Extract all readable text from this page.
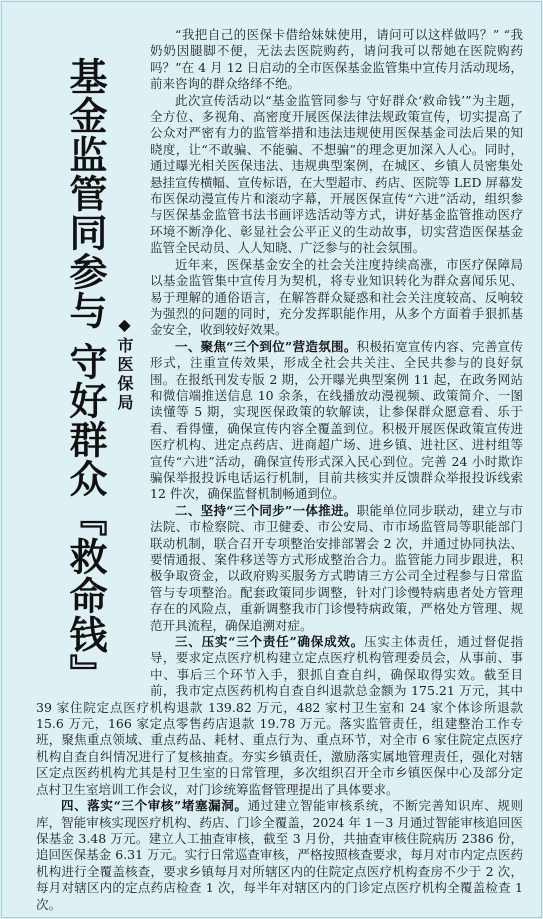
基金监管同参与守好群众『救命钱』
◆市医保局

“我把自己的医保卡借给妹妹使用，请问可以这样做吗？” “我奶奶因腿脚不便，无法去医院购药，请问我可以帮她在医院购药吗？”在 4 月 12 日启动的全市医保基金监管集中宣传月活动现场，前来咨询的群众络绎不绝。

此次宣传活动以“基金监管同参与 守好群众‘救命钱’”为主题，全方位、多视角、高密度开展医保法律法规政策宣传，切实提高了公众对严密有力的监管举措和违法违规使用医保基金司法后果的知晓度，让“不敢骗、不能骗、不想骗”的理念更加深入人心。同时，通过曝光相关医保违法、违规典型案例，在城区、乡镇人员密集处悬挂宣传横幅、宣传标语，在大型超市、药店、医院等 LED 屏幕发布医保动漫宣传片和滚动字幕，开展医保宣传“六进”活动，组织参与医保基金监管书法书画评选活动等方式，讲好基金监管推动医疗环境不断净化、彰显社会公平正义的生动故事，切实营造医保基金监管全民动员、人人知晓、广泛参与的社会氛围。

近年来，医保基金安全的社会关注度持续高涨，市医疗保障局以基金监管集中宣传月为契机，将专业知识转化为群众喜闻乐见、易于理解的通俗语言，在解答群众疑惑和社会关注度较高、反响较为强烈的问题的同时，充分发挥职能作用，从多个方面着手狠抓基金安全，收到较好效果。

一、聚焦“三个到位”营造氛围。积极拓宽宣传内容、完善宣传形式，注重宣传效果，形成全社会共关注、全民共参与的良好氛围。在报纸刊发专版 2 期，公开曝光典型案例 11 起，在政务网站和微信端推送信息 10 余条，在线播放动漫视频、政策简介、一图读懂等 5 期，实现医保政策的软解读，让参保群众愿意看、乐于看、看得懂，确保宣传内容全覆盖到位。积极开展医保政策宣传进医疗机构、进定点药店、进商超广场、进乡镇、进社区、进村组等宣传“六进”活动，确保宣传形式深入民心到位。完善 24 小时欺诈骗保举报投诉电话运行机制，目前共核实并反馈群众举报投诉线索 12 件次，确保监督机制畅通到位。

二、坚持“三个同步”一体推进。职能单位同步联动，建立与市法院、市检察院、市卫健委、市公安局、市市场监管局等职能部门联动机制，联合召开专项整治安排部署会 2 次，并通过协同执法、要情通报、案件移送等方式形成整治合力。监管能力同步跟进，积极争取资金，以政府购买服务方式聘请三方公司全过程参与日常监管与专项整治。配套政策同步调整，针对门诊慢特病患者处方管理存在的风险点，重新调整我市门诊慢特病政策，严格处方管理、规范开具流程，确保追溯对症。

三、压实“三个责任”确保成效。压实主体责任，通过督促指导，要求定点医疗机构建立定点医疗机构管理委员会，从事前、事中、事后三个环节入手，狠抓自查自纠，确保取得实效。截至目前，我市定点医药机构自查自纠退款总金额为 175.21 万元，其中 39 家住院定点医疗机构退款 139.82 万元，482 家村卫生室和 24 家个体诊所退款 15.6 万元，166 家定点零售药店退款 19.78 万元。落实监管责任，组建整治工作专班，聚焦重点领域、重点药品、耗材、重点行为、重点环节，对全市 6 家住院定点医疗机构自查自纠情况进行了复核抽查。夯实乡镇责任，激励落实属地管理责任，强化对辖区定点医药机构尤其是村卫生室的日常管理，多次组织召开全市乡镇医保中心及部分定点村卫生室培训工作会议，对门诊统筹监督管理提出了具体要求。

四、落实“三个审核”堵塞漏洞。通过建立智能审核系统，不断完善知识库、规则库，智能审核实现医疗机构、药店、门诊全覆盖，2024 年 1－3 月通过智能审核追回医保基金 3.48 万元。建立人工抽查审核，截至 3 月份，共抽查审核住院病历 2386 份，追回医保基金 6.31 万元。实行日常巡查审核，严格按照核查要求，每月对市内定点医药机构进行全覆盖核查，要求乡镇每月对所辖区内的住院定点医疗机构查房不少于 2 次，每月对辖区内的定点药店检查 1 次，每半年对辖区内的门诊定点医疗机构全覆盖检查 1 次。
